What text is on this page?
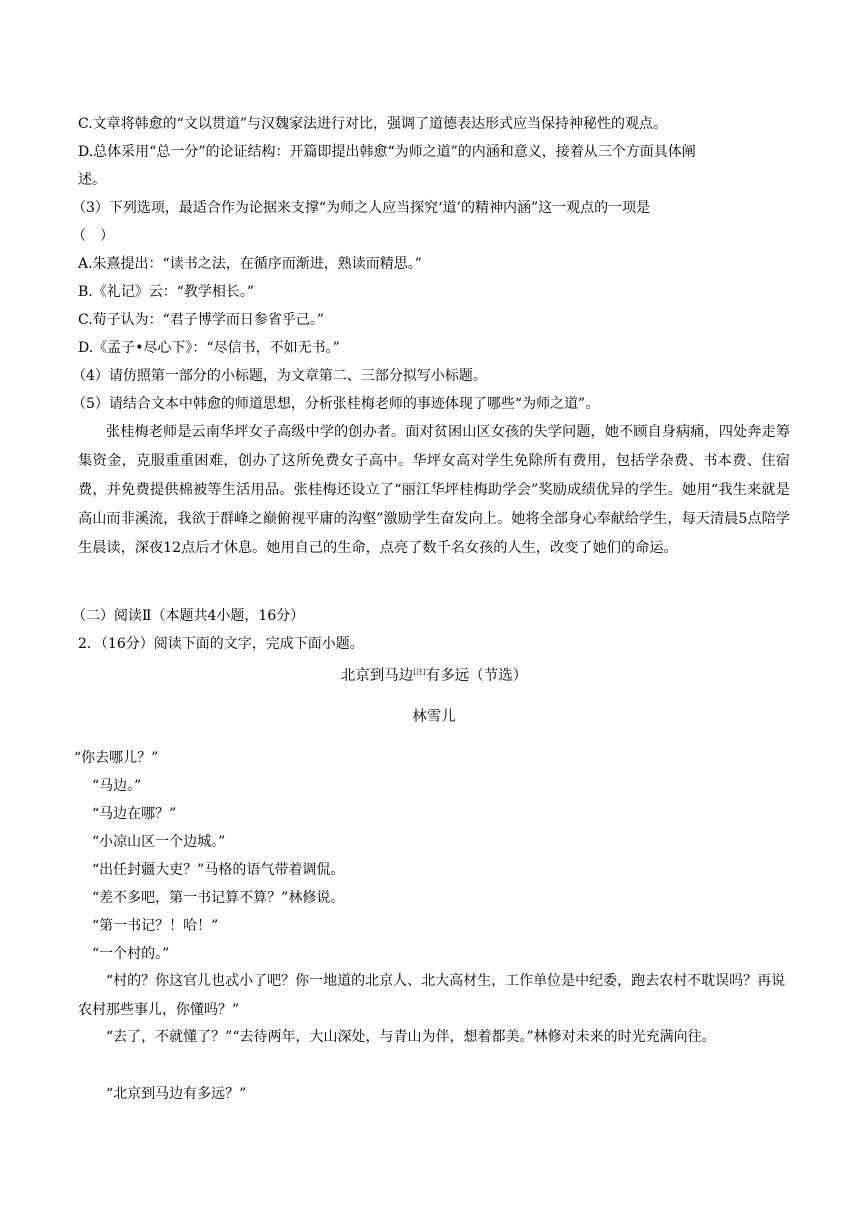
C.文章将韩愈的“文以贯道”与汉魏家法进行对比，强调了道德表达形式应当保持神秘性的观点。
D.总体采用“总一分”的论证结构：开篇即提出韩愈“为师之道”的内涵和意义，接着从三个方面具体阐
述。
（3）下列选项，最适合作为论据来支撑“为师之人应当探究‘道’的精神内涵”这一观点的一项是
（　）
A.朱熹提出：“读书之法，在循序而渐进，熟读而精思。”
B.《礼记》云：“教学相长。”
C.荀子认为：“君子博学而日参省乎己。”
D.《孟子•尽心下》：“尽信书，不如无书。”
（4）请仿照第一部分的小标题，为文章第二、三部分拟写小标题。
（5）请结合文本中韩愈的师道思想，分析张桂梅老师的事迹体现了哪些“为师之道”。
张桂梅老师是云南华坪女子高级中学的创办者。面对贫困山区女孩的失学问题，她不顾自身病痛，四处奔走筹集资金，克服重重困难，创办了这所免费女子高中。华坪女高对学生免除所有费用，包括学杂费、书本费、住宿费，并免费提供棉被等生活用品。张桂梅还设立了“丽江华坪桂梅助学会”奖励成绩优异的学生。她用“我生来就是高山而非溪流，我欲于群峰之巅俯视平庸的沟壑”激励学生奋发向上。她将全部身心奉献给学生，每天清晨5点陪学生晨读，深夜12点后才休息。她用自己的生命，点亮了数千名女孩的人生，改变了她们的命运。
（二）阅读Ⅱ（本题共4小题，16分）
2．（16分）阅读下面的文字，完成下面小题。
北京到马边[注]有多远（节选）
林雪儿
“你去哪儿？”
“马边。”
“马边在哪？”
“小凉山区一个边城。”
“出任封疆大吏？”马格的语气带着调侃。
“差不多吧，第一书记算不算？”林修说。
“第一书记？！哈！”
“一个村的。”
“村的？你这官儿也忒小了吧？你一地道的北京人、北大高材生，工作单位是中纪委，跑去农村不耽误吗？再说农村那些事儿，你懂吗？”
“去了，不就懂了？”“去待两年，大山深处，与青山为伴，想着都美。”林修对未来的时光充满向往。
“北京到马边有多远？”
